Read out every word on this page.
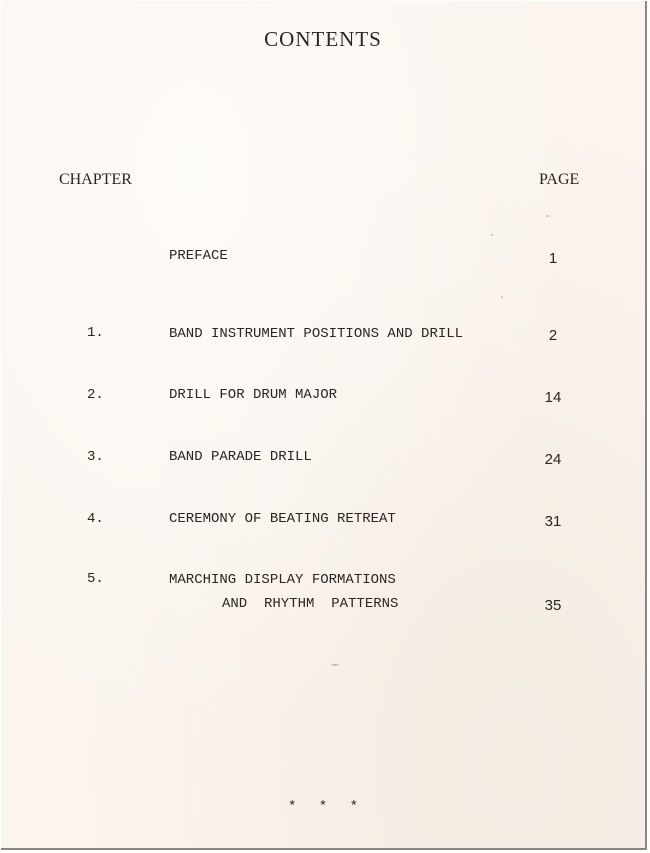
CONTENTS
CHAPTER	PAGE
PREFACE	1
1.	BAND INSTRUMENT POSITIONS AND DRILL	2
2.	DRILL FOR DRUM MAJOR	14
3.	BAND PARADE DRILL	24
4.	CEREMONY OF BEATING RETREAT	31
5.	MARCHING DISPLAY FORMATIONS
AND  RHYTHM  PATTERNS	35
* * *
